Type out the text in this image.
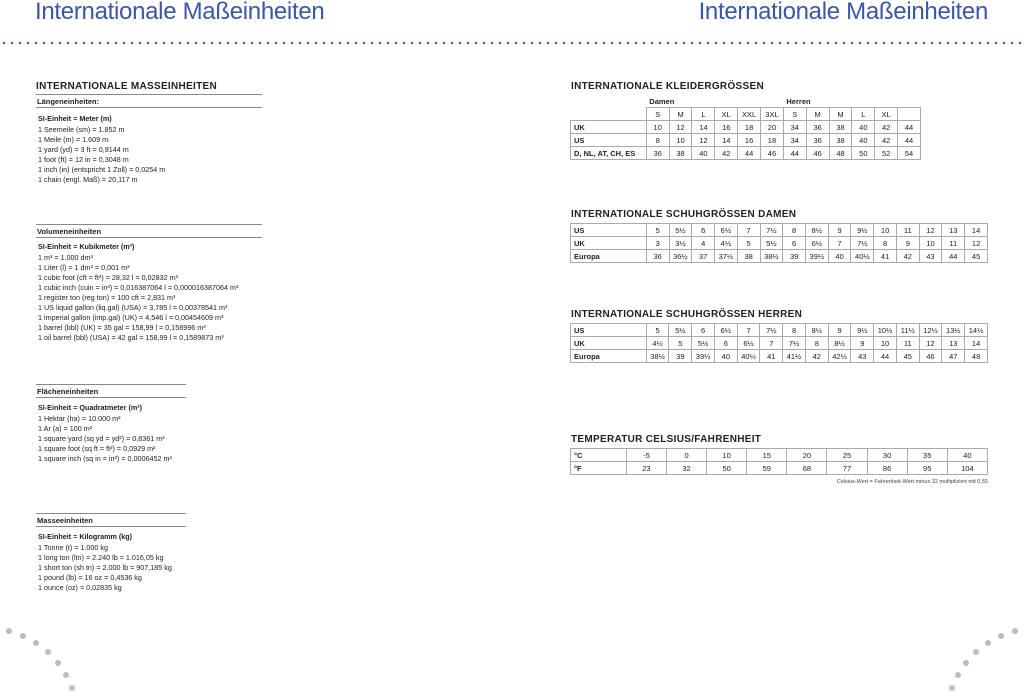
Internationale Maßeinheiten	Internationale Maßeinheiten
INTERNATIONALE MASSEINHEITEN
Längeneinheiten:
SI-Einheit = Meter (m)
1 Seemeile (sm) = 1.852 m
1 Meile (m) = 1.609 m
1 yard (yd) = 3 ft = 0,9144 m
1 foot (ft) = 12 in = 0,3048 m
1 inch (in) (entspricht 1 Zoll) = 0,0254 m
1 chain (engl. Maß) = 20,117 m
Volumeneinheiten
SI-Einheit = Kubikmeter (m³)
1 m³ = 1.000 dm³
1 Liter (l) = 1 dm³ = 0,001 m³
1 cubic foot (cft = ft³) = 28,32 l = 0,02832 m³
1 cubic inch (cuin = in³) = 0,016387064 l = 0,000016387064 m³
1 register ton (reg ton) = 100 cft = 2,831 m³
1 US liquid gallon (liq.gal) (USA) = 3,785 l = 0,00378541 m³
1 imperial gallon (imp.gal) (UK) = 4,546 l = 0,00454609 m³
1 barrel (bbl) (UK) = 35 gal = 158,99 l = 0,158996 m³
1 oil barrel (bbl) (USA) = 42 gal = 158,99 l = 0,1589873 m³
Flächeneinheiten
SI-Einheit = Quadratmeter (m²)
1 Hektar (ha) = 10.000 m²
1 Ar (a) = 100 m²
1 square yard (sq yd = yd²) = 0,8361 m²
1 square foot (sq ft = ft²) = 0,0929 m²
1 square inch (sq in = in²) = 0,0006452 m²
Masseeinheiten
SI-Einheit = Kilogramm (kg)
1 Tonne (t) = 1.000 kg
1 long ton (ltn) = 2.240 lb = 1.016,05 kg
1 short ton (sh tn) = 2.000 lb = 907,185 kg
1 pound (lb) = 16 oz = 0,4536 kg
1 ounce (oz) = 0,02835 kg
INTERNATIONALE KLEIDERGRÖSSEN
	Damen						Herren					
	S	M	L	XL	XXL	3XL	S	M	M	L	XL	
UK	10	12	14	16	18	20	34	36	38	40	42	44
US	8	10	12	14	16	18	34	36	38	40	42	44
D, NL, AT, CH, ES	36	38	40	42	44	46	44	46	48	50	52	54
INTERNATIONALE SCHUHGRÖSSEN DAMEN
US	5	5½	6	6½	7	7½	8	8½	9	9½	10	11	12	13	14
UK	3	3½	4	4½	5	5½	6	6½	7	7½	8	9	10	11	12
Europa	36	36½	37	37½	38	38½	39	39½	40	40½	41	42	43	44	45
INTERNATIONALE SCHUHGRÖSSEN HERREN
US	5	5½	6	6½	7	7½	8	8½	9	9½	10½	11½	12½	13½	14½
UK	4½	5	5½	6	6½	7	7½	8	8½	9	10	11	12	13	14
Europa	38½	39	39½	40	40½	41	41½	42	42½	43	44	45	46	47	48
TEMPERATUR CELSIUS/FAHRENHEIT
°C	-5	0	10	15	20	25	30	35	40
°F	23	32	50	59	68	77	86	95	104
Celsius-Wert = Fahrenheit-Wert minus 32 multipliziert mit 0,55
